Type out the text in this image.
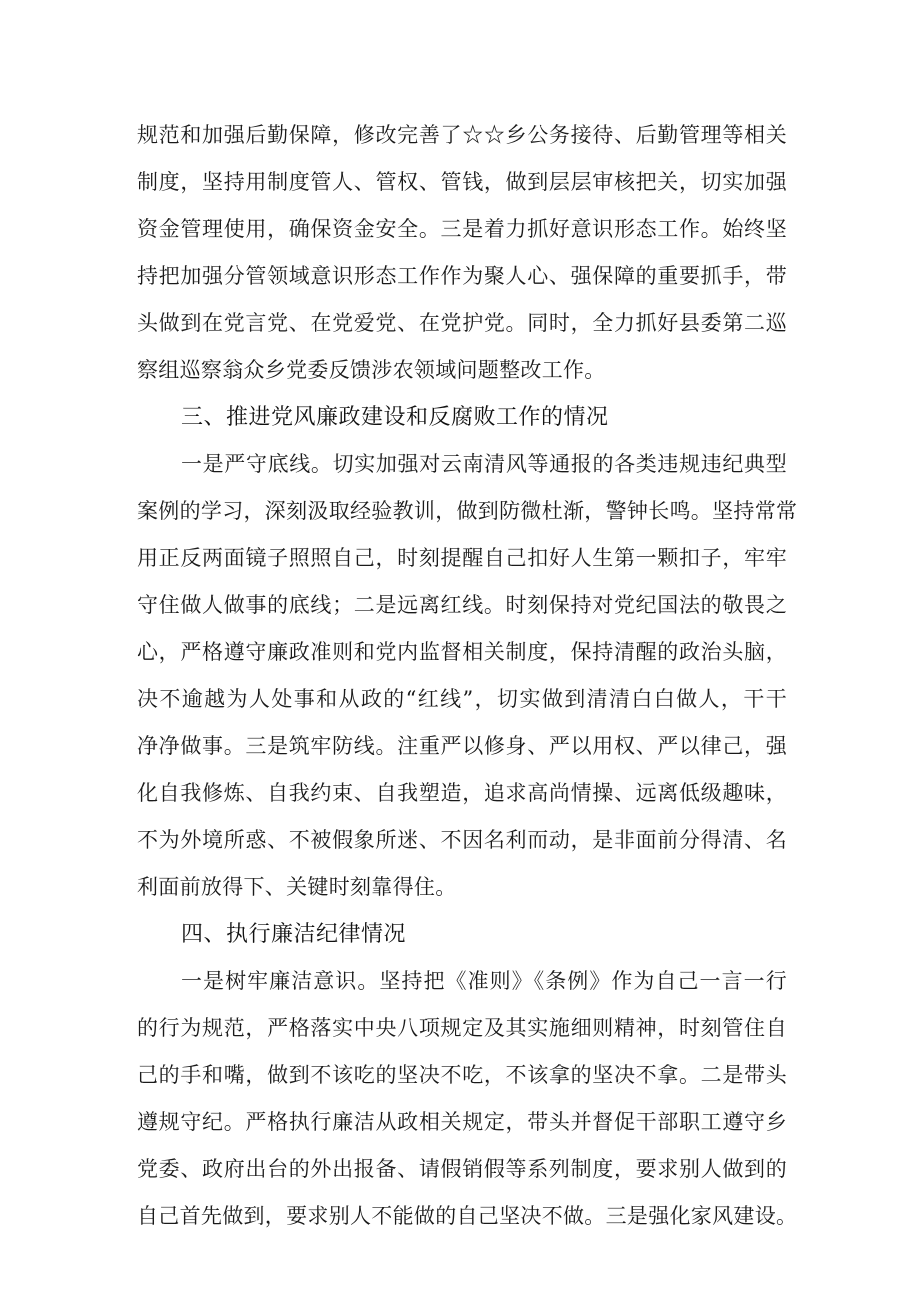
规范和加强后勤保障，修改完善了☆☆乡公务接待、后勤管理等相关
制度，坚持用制度管人、管权、管钱，做到层层审核把关，切实加强
资金管理使用，确保资金安全。三是着力抓好意识形态工作。始终坚
持把加强分管领域意识形态工作作为聚人心、强保障的重要抓手，带
头做到在党言党、在党爱党、在党护党。同时，全力抓好县委第二巡
察组巡察翁众乡党委反馈涉农领域问题整改工作。
三、推进党风廉政建设和反腐败工作的情况
一是严守底线。切实加强对云南清风等通报的各类违规违纪典型
案例的学习，深刻汲取经验教训，做到防微杜渐，警钟长鸣。坚持常常
用正反两面镜子照照自己，时刻提醒自己扣好人生第一颗扣子，牢牢
守住做人做事的底线；二是远离红线。时刻保持对党纪国法的敬畏之
心，严格遵守廉政准则和党内监督相关制度，保持清醒的政治头脑，
决不逾越为人处事和从政的“红线”，切实做到清清白白做人，干干
净净做事。三是筑牢防线。注重严以修身、严以用权、严以律己，强
化自我修炼、自我约束、自我塑造，追求高尚情操、远离低级趣味，
不为外境所惑、不被假象所迷、不因名利而动，是非面前分得清、名
利面前放得下、关键时刻靠得住。
四、执行廉洁纪律情况
一是树牢廉洁意识。坚持把《准则》《条例》作为自己一言一行
的行为规范，严格落实中央八项规定及其实施细则精神，时刻管住自
己的手和嘴，做到不该吃的坚决不吃，不该拿的坚决不拿。二是带头
遵规守纪。严格执行廉洁从政相关规定，带头并督促干部职工遵守乡
党委、政府出台的外出报备、请假销假等系列制度，要求别人做到的
自己首先做到，要求别人不能做的自己坚决不做。三是强化家风建设。
